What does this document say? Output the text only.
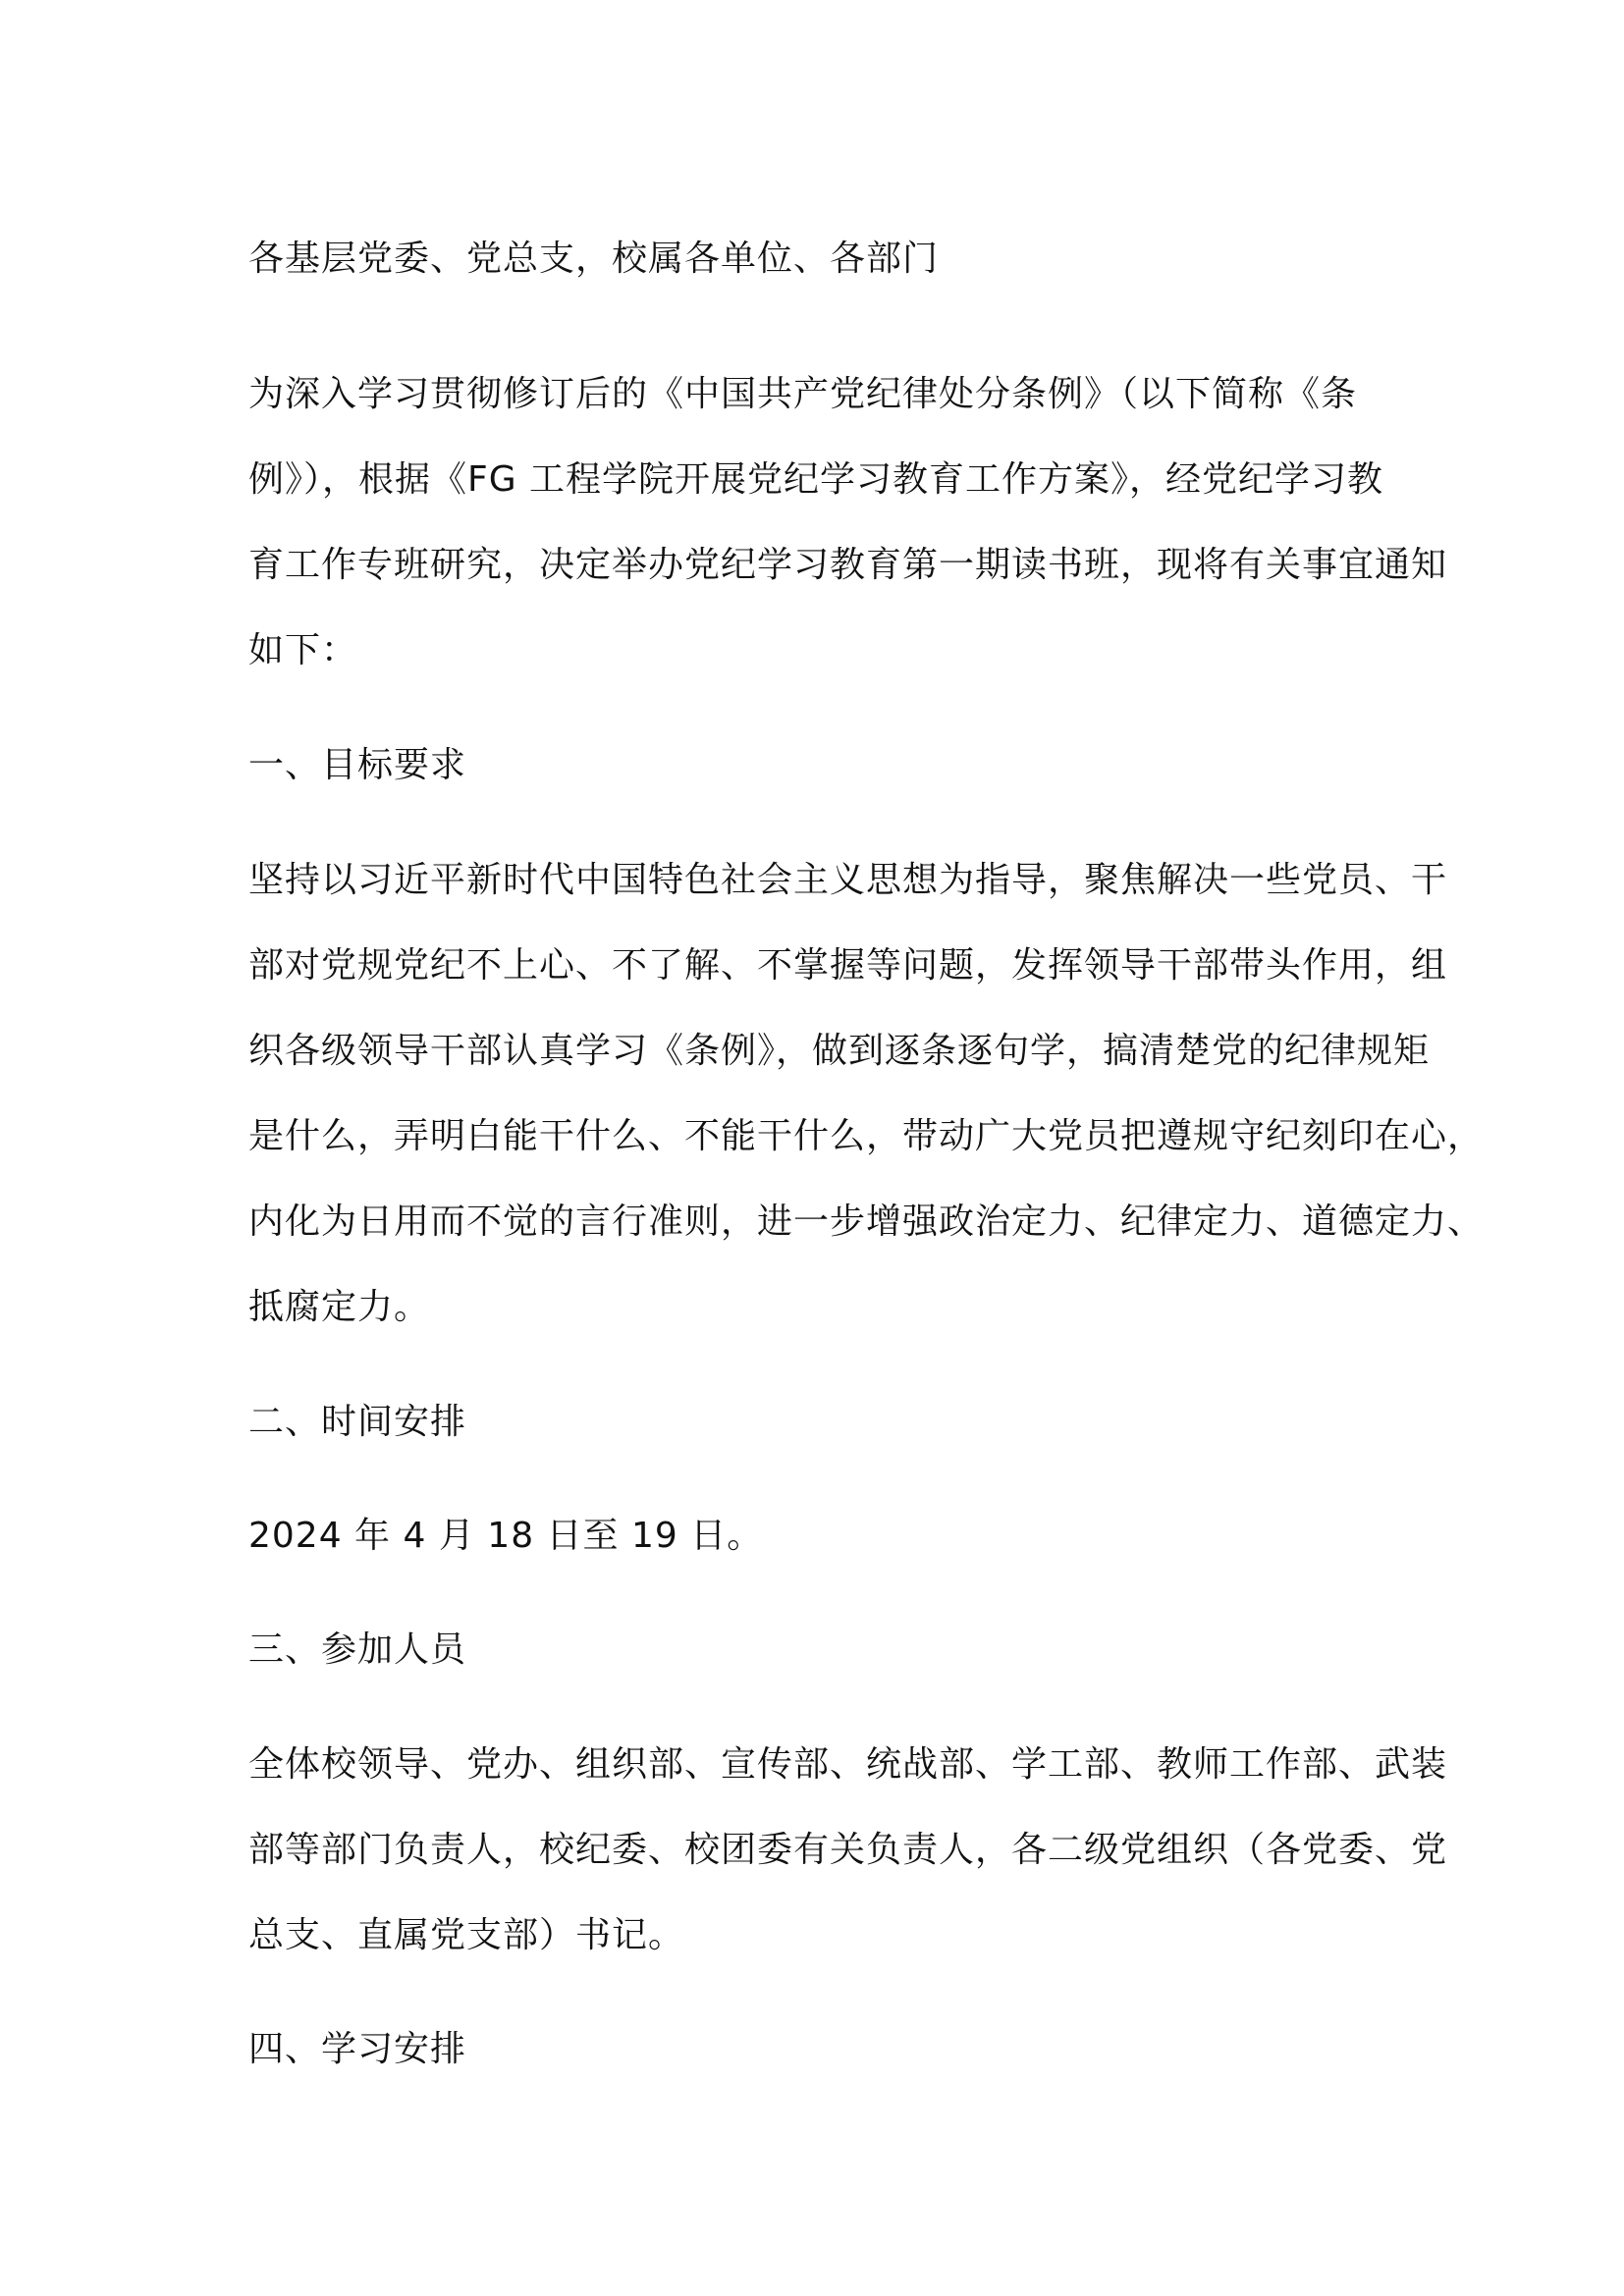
各基层党委、党总支，校属各单位、各部门
为深入学习贯彻修订后的《中国共产党纪律处分条例》（以下简称《条
例》），根据《FG 工程学院开展党纪学习教育工作方案》，经党纪学习教
育工作专班研究，决定举办党纪学习教育第一期读书班，现将有关事宜通知
如下：
一、目标要求
坚持以习近平新时代中国特色社会主义思想为指导，聚焦解决一些党员、干
部对党规党纪不上心、不了解、不掌握等问题，发挥领导干部带头作用，组
织各级领导干部认真学习《条例》，做到逐条逐句学，搞清楚党的纪律规矩
是什么，弄明白能干什么、不能干什么，带动广大党员把遵规守纪刻印在心，
内化为日用而不觉的言行准则，进一步增强政治定力、纪律定力、道德定力、
抵腐定力。
二、时间安排
2024 年 4 月 18 日至 19 日。
三、参加人员
全体校领导、党办、组织部、宣传部、统战部、学工部、教师工作部、武装
部等部门负责人，校纪委、校团委有关负责人，各二级党组织（各党委、党
总支、直属党支部）书记。
四、学习安排
